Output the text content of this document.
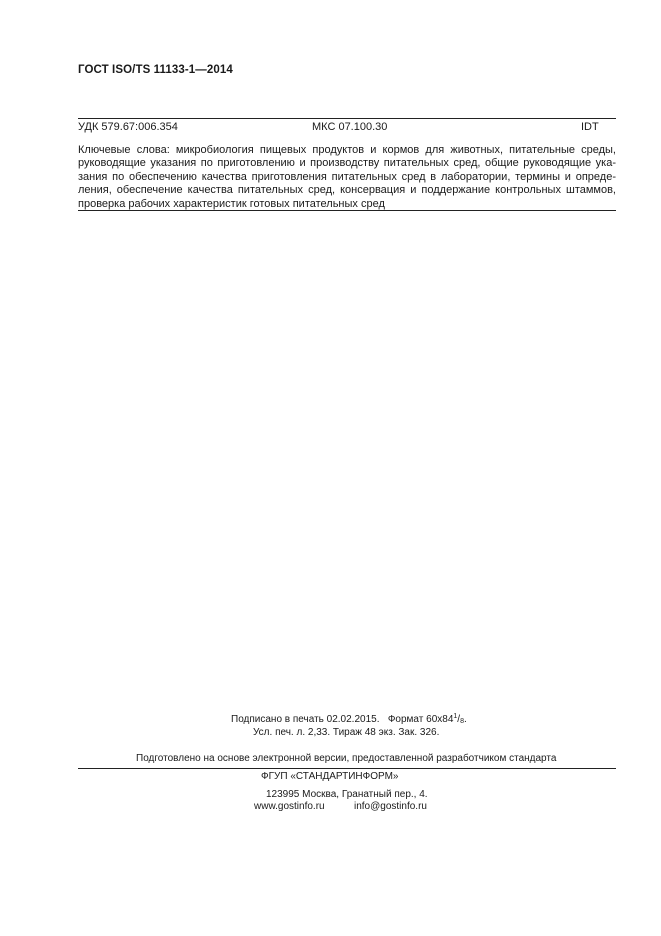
ГОСТ ISO/TS 11133-1—2014
УДК 579.67:006.354	МКС 07.100.30	IDT
Ключевые слова: микробиология пищевых продуктов и кормов для животных, питательные среды,
руководящие указания по приготовлению и производству питательных сред, общие руководящие ука-
зания по обеспечению качества приготовления питательных сред в лаборатории, термины и опреде-
ления, обеспечение качества питательных сред, консервация и поддержание контрольных штаммов,
проверка рабочих характеристик готовых питательных сред
Подписано в печать 02.02.2015. Формат $60х84^1/8$.
Усл. печ. л. 2,33. Тираж 48 экз. Зак. 326.
Подготовлено на основе электронной версии, предоставленной разработчиком стандарта
ФГУП «СТАНДАРТИНФОРМ»
123995 Москва, Гранатный пер., 4.
www.gostinfo.ru	info@gostinfo.ru
